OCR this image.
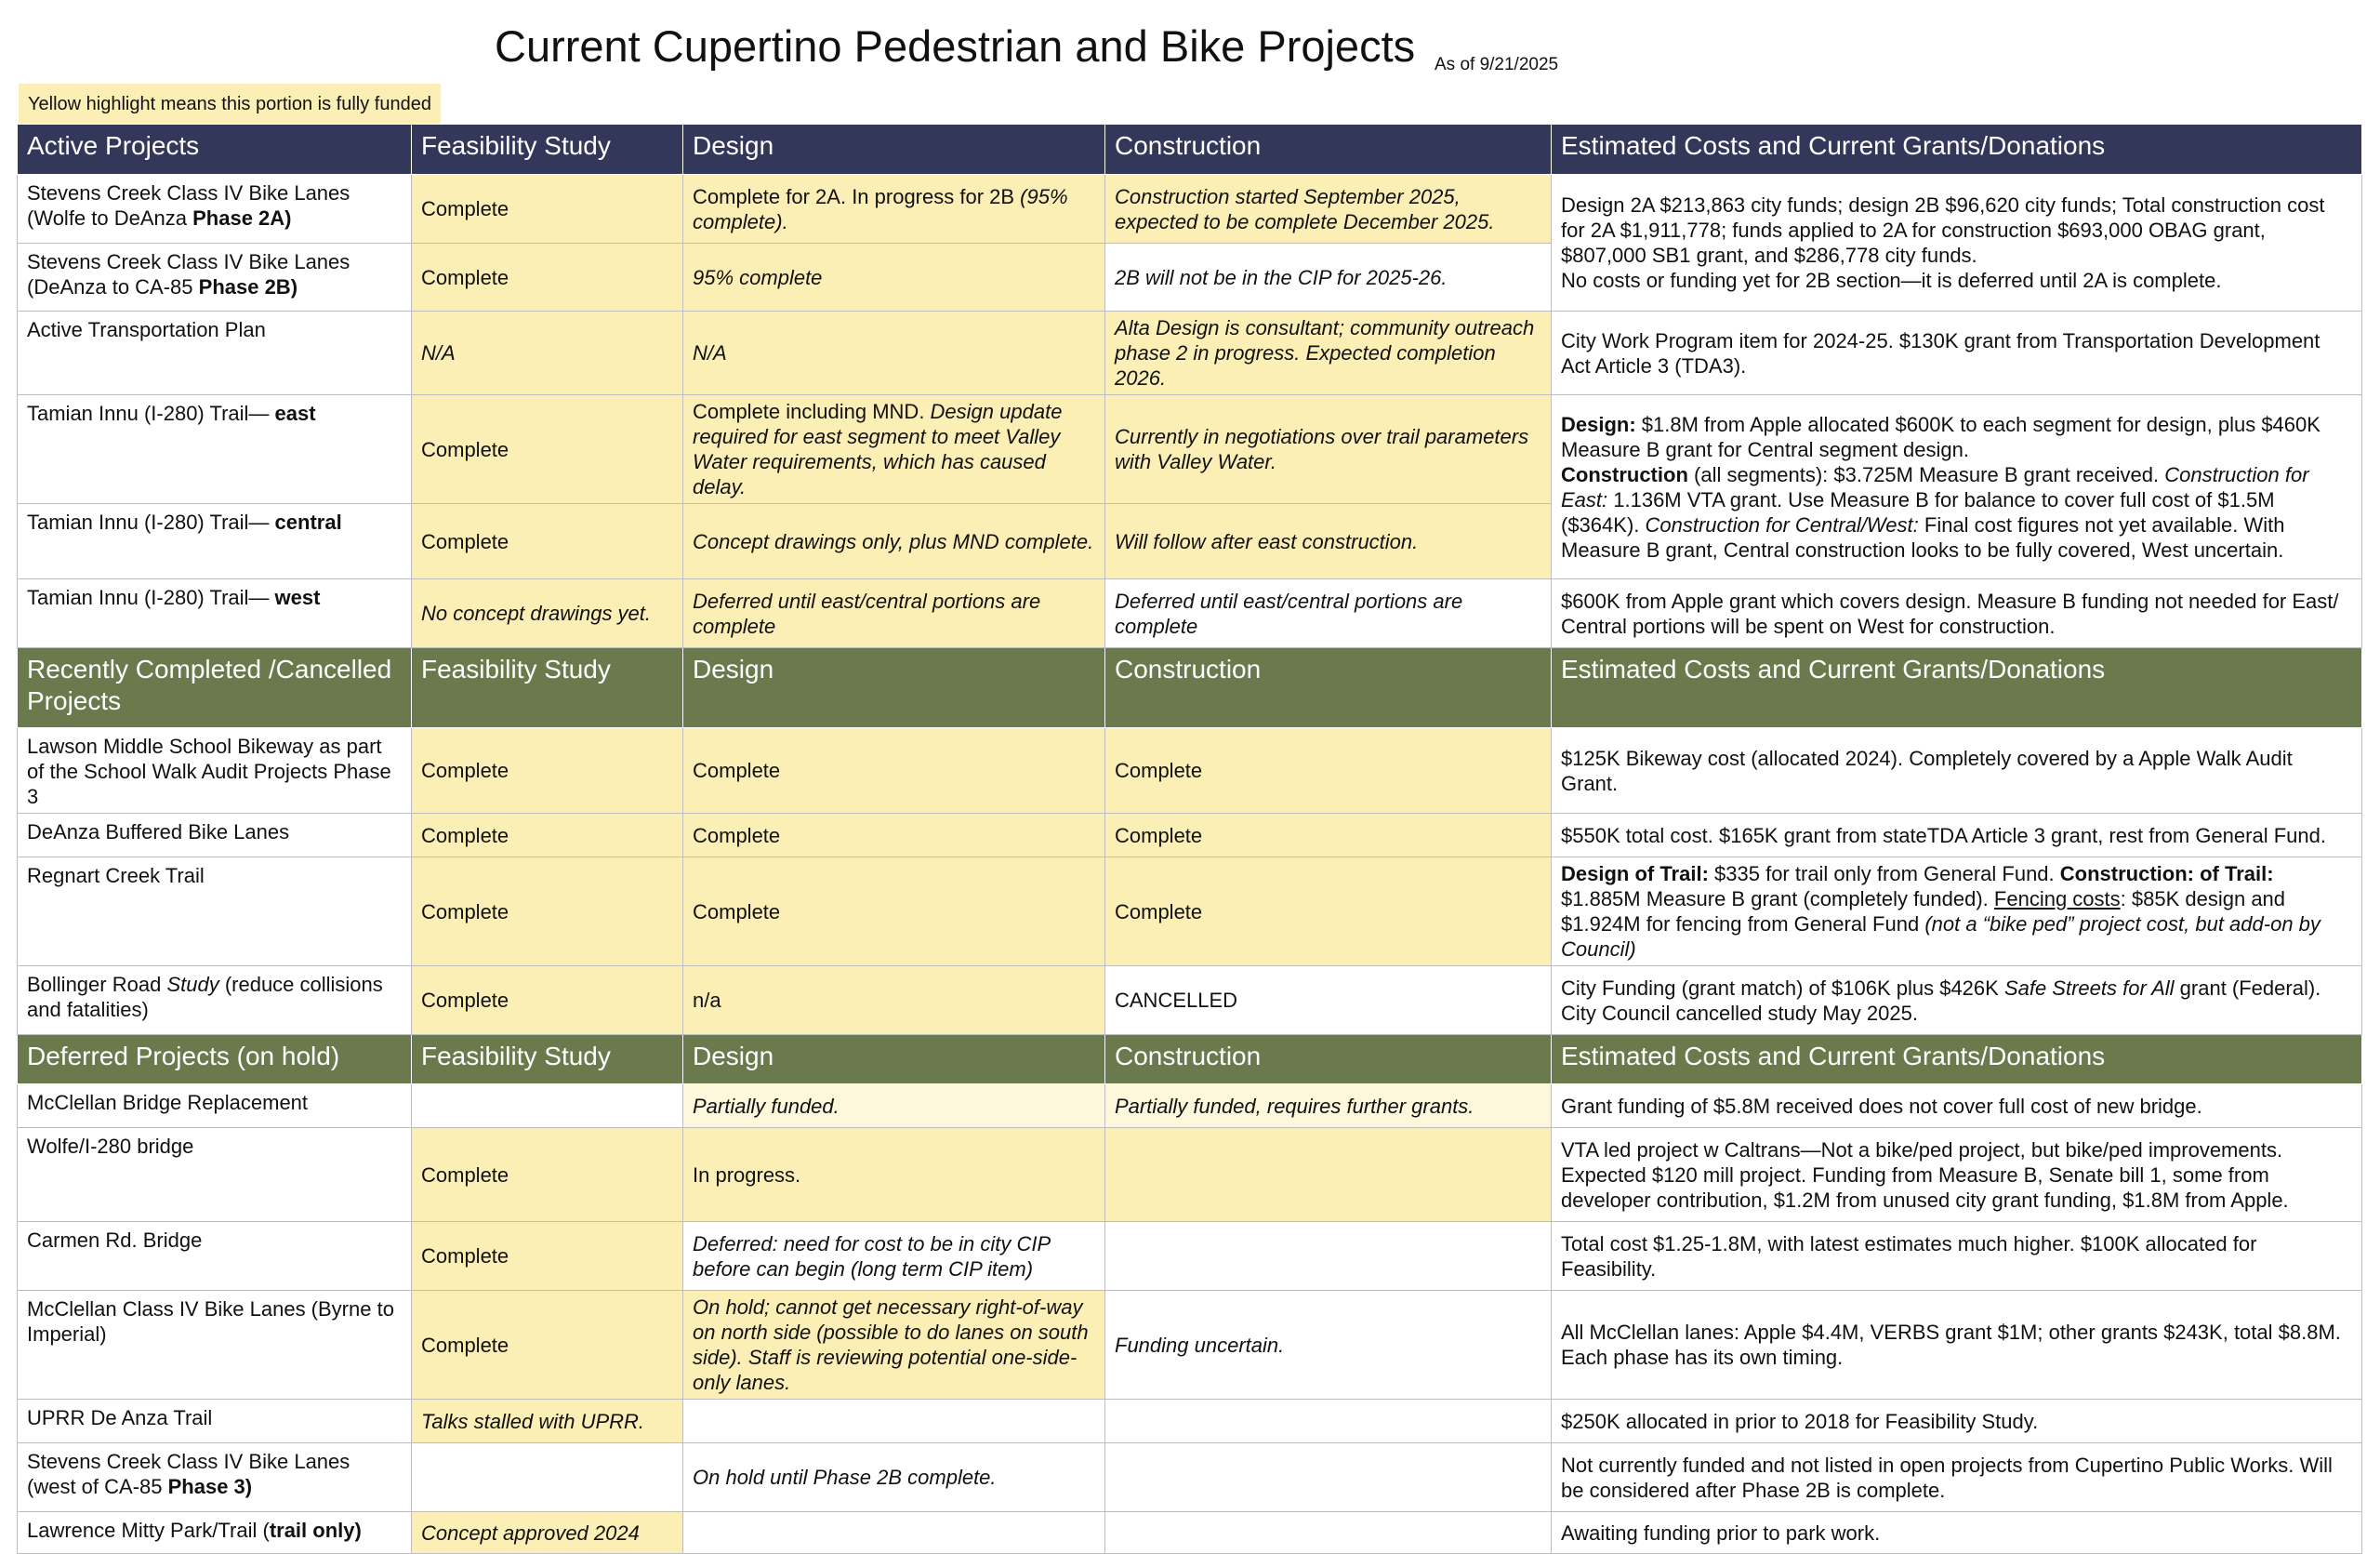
Current Cupertino Pedestrian and Bike Projects As of 9/21/2025
Yellow highlight means this portion is fully funded
Active Projects	Feasibility Study	Design	Construction	Estimated Costs and Current Grants/Donations
Stevens Creek Class IV Bike Lanes (Wolfe to DeAnza Phase 2A)	Complete	Complete for 2A. In progress for 2B (95% complete).	Construction started September 2025, expected to be complete December 2025.	Design 2A $213,863 city funds; design 2B $96,620 city funds; Total construction cost for 2A $1,911,778; funds applied to 2A for construction $693,000 OBAG grant, $807,000 SB1 grant, and $286,778 city funds.
No costs or funding yet for 2B section—it is deferred until 2A is complete.

Stevens Creek Class IV Bike Lanes (DeAnza to CA-85 Phase 2B)	Complete	95% complete	2B will not be in the CIP for 2025-26.	
Active Transportation Plan	N/A	N/A	Alta Design is consultant; community outreach phase 2 in progress. Expected completion 2026.	City Work Program item for 2024-25. $130K grant from Transportation Development Act Article 3 (TDA3).
Tamian Innu (I-280) Trail— east	Complete	Complete including MND. Design update required for east segment to meet Valley Water requirements, which has caused delay.	Currently in negotiations over trail parameters with Valley Water.	Design: $1.8M from Apple allocated $600K to each segment for design, plus $460K Measure B grant for Central segment design.
Construction (all segments): $3.725M Measure B grant received. Construction for East: 1.136M VTA grant. Use Measure B for balance to cover full cost of $1.5M ($364K). Construction for Central/West: Final cost figures not yet available. With Measure B grant, Central construction looks to be fully covered, West uncertain.
Tamian Innu (I-280) Trail— central	Complete	Concept drawings only, plus MND complete.	Will follow after east construction.	
Tamian Innu (I-280) Trail— west	No concept drawings yet.	Deferred until east/central portions are complete	Deferred until east/central portions are complete	$600K from Apple grant which covers design. Measure B funding not needed for East/ Central portions will be spent on West for construction.
Recently Completed /Cancelled Projects	Feasibility Study	Design	Construction	Estimated Costs and Current Grants/Donations
Lawson Middle School Bikeway as part of the School Walk Audit Projects Phase 3	Complete	Complete	Complete	$125K Bikeway cost (allocated 2024). Completely covered by a Apple Walk Audit Grant.
DeAnza Buffered Bike Lanes	Complete	Complete	Complete	$550K total cost. $165K grant from stateTDA Article 3 grant, rest from General Fund.
Regnart Creek Trail	Complete	Complete	Complete	Design of Trail: $335 for trail only from General Fund. Construction: of Trail: $1.885M Measure B grant (completely funded). Fencing costs: $85K design and $1.924M for fencing from General Fund (not a “bike ped” project cost, but add-on by Council)
Bollinger Road Study (reduce collisions and fatalities)	Complete	n/a	CANCELLED	City Funding (grant match) of $106K plus $426K Safe Streets for All grant (Federal). City Council cancelled study May 2025.
Deferred Projects (on hold)	Feasibility Study	Design	Construction	Estimated Costs and Current Grants/Donations
McClellan Bridge Replacement		Partially funded.	Partially funded, requires further grants.	Grant funding of $5.8M received does not cover full cost of new bridge.
Wolfe/I-280 bridge	Complete	In progress.		VTA led project w Caltrans—Not a bike/ped project, but bike/ped improvements. Expected $120 mill project. Funding from Measure B, Senate bill 1, some from developer contribution, $1.2M from unused city grant funding, $1.8M from Apple.
Carmen Rd. Bridge	Complete	Deferred: need for cost to be in city CIP before can begin (long term CIP item)		Total cost $1.25-1.8M, with latest estimates much higher. $100K allocated for Feasibility.
McClellan Class IV Bike Lanes (Byrne to Imperial)	Complete	On hold; cannot get necessary right-of-way on north side (possible to do lanes on south side). Staff is reviewing potential one-side-only lanes.	Funding uncertain.	All McClellan lanes: Apple $4.4M, VERBS grant $1M; other grants $243K, total $8.8M. Each phase has its own timing.
UPRR De Anza Trail	Talks stalled with UPRR.			$250K allocated in prior to 2018 for Feasibility Study.
Stevens Creek Class IV Bike Lanes (west of CA-85 Phase 3)		On hold until Phase 2B complete.		Not currently funded and not listed in open projects from Cupertino Public Works. Will be considered after Phase 2B is complete.
Lawrence Mitty Park/Trail (trail only)	Concept approved 2024			Awaiting funding prior to park work.
